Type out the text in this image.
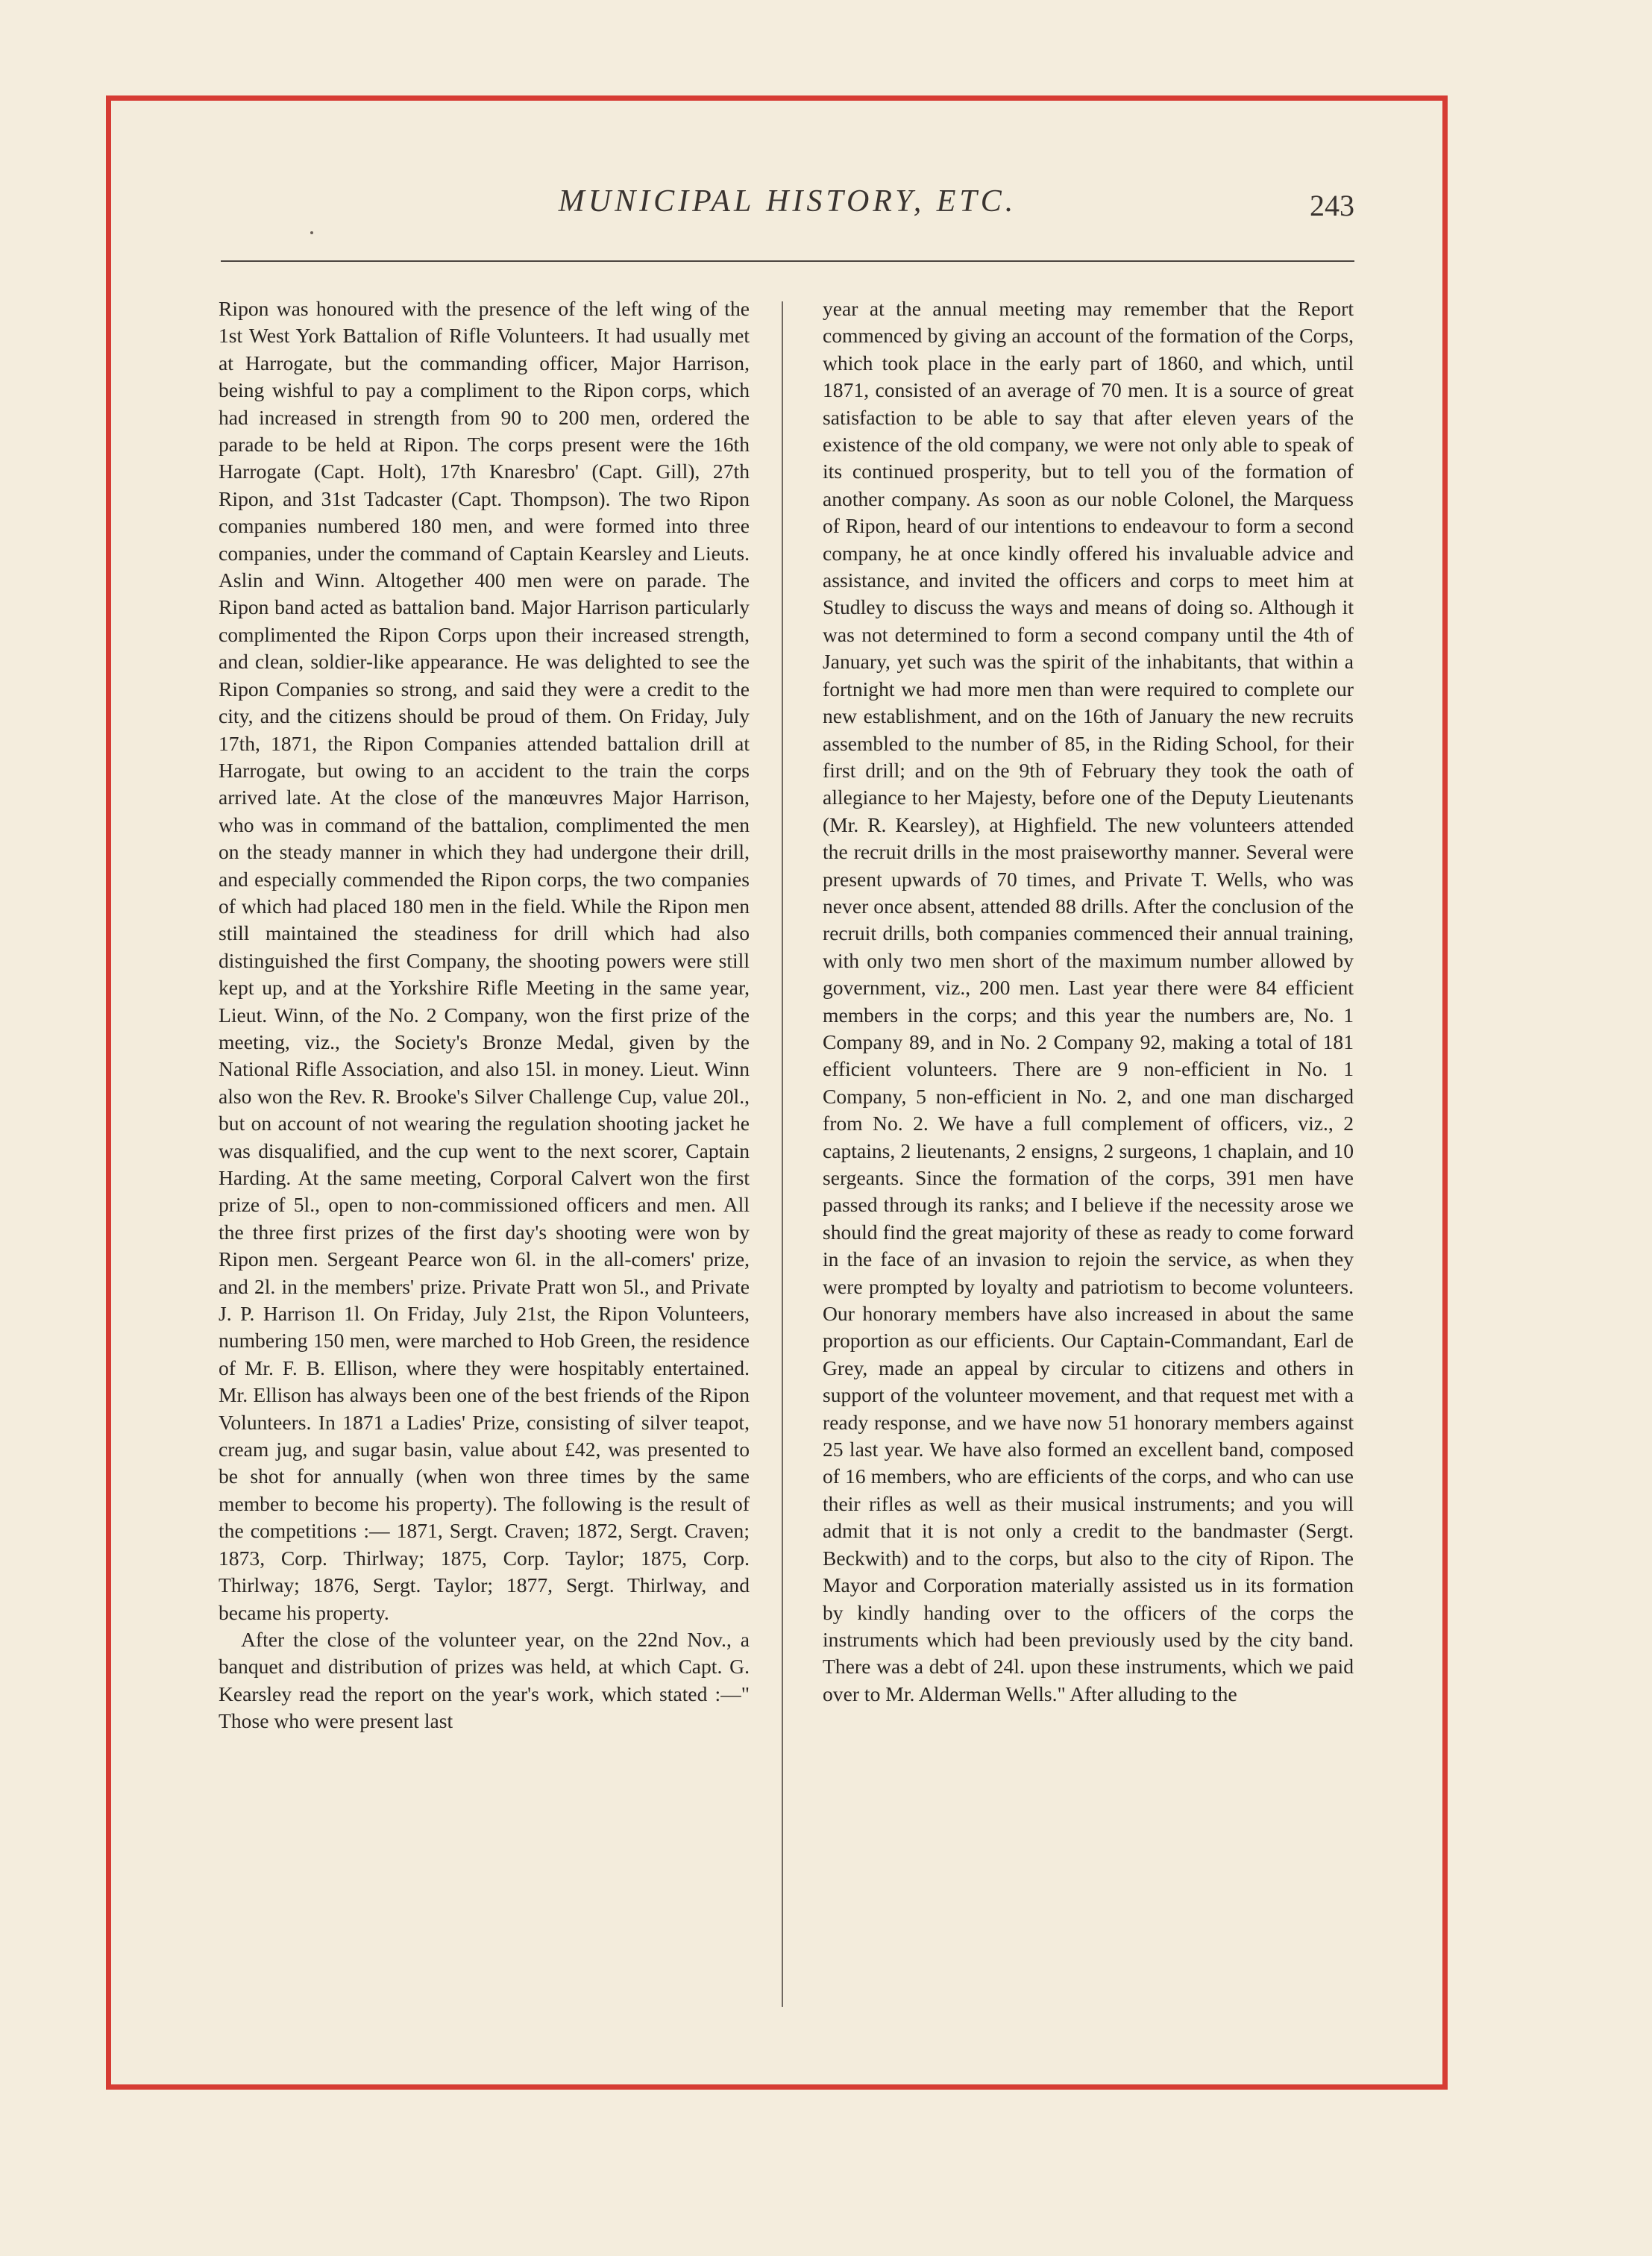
MUNICIPAL HISTORY, ETC.	243

Ripon was honoured with the presence of the left wing of the 1st West York Battalion of Rifle Volunteers. It had usually met at Harrogate, but the commanding officer, Major Harrison, being wishful to pay a compliment to the Ripon corps, which had increased in strength from 90 to 200 men, ordered the parade to be held at Ripon. The corps present were the 16th Harrogate (Capt. Holt), 17th Knaresbro' (Capt. Gill), 27th Ripon, and 31st Tadcaster (Capt. Thompson). The two Ripon companies numbered 180 men, and were formed into three companies, under the command of Captain Kearsley and Lieuts. Aslin and Winn. Altogether 400 men were on parade. The Ripon band acted as battalion band. Major Harrison particularly complimented the Ripon Corps upon their increased strength, and clean, soldier-like appearance. He was delighted to see the Ripon Companies so strong, and said they were a credit to the city, and the citizens should be proud of them. On Friday, July 17th, 1871, the Ripon Companies attended battalion drill at Harrogate, but owing to an accident to the train the corps arrived late. At the close of the manœuvres Major Harrison, who was in command of the battalion, complimented the men on the steady manner in which they had undergone their drill, and especially commended the Ripon corps, the two companies of which had placed 180 men in the field. While the Ripon men still maintained the steadiness for drill which had also distinguished the first Company, the shooting powers were still kept up, and at the Yorkshire Rifle Meeting in the same year, Lieut. Winn, of the No. 2 Company, won the first prize of the meeting, viz., the Society's Bronze Medal, given by the National Rifle Association, and also 15l. in money. Lieut. Winn also won the Rev. R. Brooke's Silver Challenge Cup, value 20l., but on account of not wearing the regulation shooting jacket he was disqualified, and the cup went to the next scorer, Captain Harding. At the same meeting, Corporal Calvert won the first prize of 5l., open to non-commissioned officers and men. All the three first prizes of the first day's shooting were won by Ripon men. Sergeant Pearce won 6l. in the all-comers' prize, and 2l. in the members' prize. Private Pratt won 5l., and Private J. P. Harrison 1l. On Friday, July 21st, the Ripon Volunteers, numbering 150 men, were marched to Hob Green, the residence of Mr. F. B. Ellison, where they were hospitably entertained. Mr. Ellison has always been one of the best friends of the Ripon Volunteers. In 1871 a Ladies' Prize, consisting of silver teapot, cream jug, and sugar basin, value about £42, was presented to be shot for annually (when won three times by the same member to become his property). The following is the result of the competitions :— 1871, Sergt. Craven; 1872, Sergt. Craven; 1873, Corp. Thirlway; 1875, Corp. Taylor; 1875, Corp. Thirlway; 1876, Sergt. Taylor; 1877, Sergt. Thirlway, and became his property.

After the close of the volunteer year, on the 22nd Nov., a banquet and distribution of prizes was held, at which Capt. G. Kearsley read the report on the year's work, which stated :—" Those who were present last

year at the annual meeting may remember that the Report commenced by giving an account of the formation of the Corps, which took place in the early part of 1860, and which, until 1871, consisted of an average of 70 men. It is a source of great satisfaction to be able to say that after eleven years of the existence of the old company, we were not only able to speak of its continued prosperity, but to tell you of the formation of another company. As soon as our noble Colonel, the Marquess of Ripon, heard of our intentions to endeavour to form a second company, he at once kindly offered his invaluable advice and assistance, and invited the officers and corps to meet him at Studley to discuss the ways and means of doing so. Although it was not determined to form a second company until the 4th of January, yet such was the spirit of the inhabitants, that within a fortnight we had more men than were required to complete our new establishment, and on the 16th of January the new recruits assembled to the number of 85, in the Riding School, for their first drill; and on the 9th of February they took the oath of allegiance to her Majesty, before one of the Deputy Lieutenants (Mr. R. Kearsley), at Highfield. The new volunteers attended the recruit drills in the most praiseworthy manner. Several were present upwards of 70 times, and Private T. Wells, who was never once absent, attended 88 drills. After the conclusion of the recruit drills, both companies commenced their annual training, with only two men short of the maximum number allowed by government, viz., 200 men. Last year there were 84 efficient members in the corps; and this year the numbers are, No. 1 Company 89, and in No. 2 Company 92, making a total of 181 efficient volunteers. There are 9 non-efficient in No. 1 Company, 5 non-efficient in No. 2, and one man discharged from No. 2. We have a full complement of officers, viz., 2 captains, 2 lieutenants, 2 ensigns, 2 surgeons, 1 chaplain, and 10 sergeants. Since the formation of the corps, 391 men have passed through its ranks; and I believe if the necessity arose we should find the great majority of these as ready to come forward in the face of an invasion to rejoin the service, as when they were prompted by loyalty and patriotism to become volunteers. Our honorary members have also increased in about the same proportion as our efficients. Our Captain-Commandant, Earl de Grey, made an appeal by circular to citizens and others in support of the volunteer movement, and that request met with a ready response, and we have now 51 honorary members against 25 last year. We have also formed an excellent band, composed of 16 members, who are efficients of the corps, and who can use their rifles as well as their musical instruments; and you will admit that it is not only a credit to the bandmaster (Sergt. Beckwith) and to the corps, but also to the city of Ripon. The Mayor and Corporation materially assisted us in its formation by kindly handing over to the officers of the corps the instruments which had been previously used by the city band. There was a debt of 24l. upon these instruments, which we paid over to Mr. Alderman Wells." After alluding to the
